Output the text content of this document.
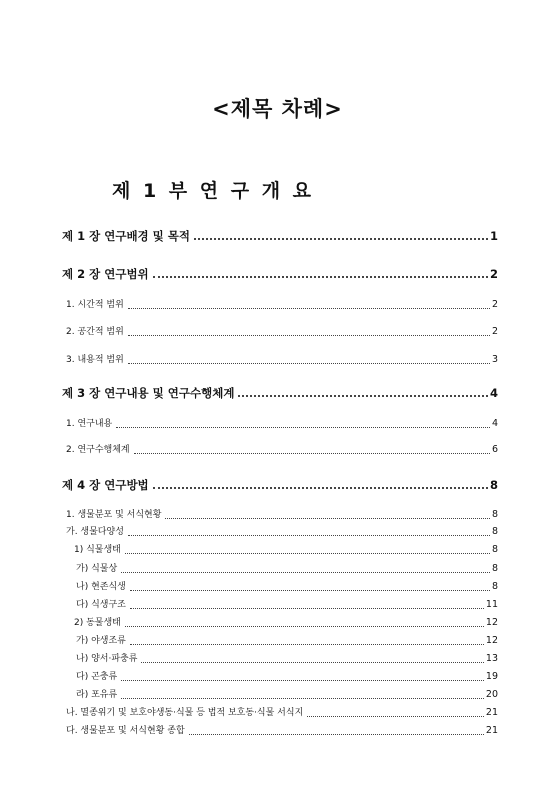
<제목 차례>
제 1 부 연 구 개 요
제 1 장 연구배경 및 목적	1
제 2 장 연구범위	2
1. 시간적 범위	2
2. 공간적 범위	2
3. 내용적 범위	3
제 3 장 연구내용 및 연구수행체계	4
1. 연구내용	4
2. 연구수행체계	6
제 4 장 연구방법	8
1. 생물분포 및 서식현황	8
가. 생물다양성	8
1) 식물생태	8
가) 식물상	8
나) 현존식생	8
다) 식생구조	11
2) 동물생태	12
가) 야생조류	12
나) 양서·파충류	13
다) 곤충류	19
라) 포유류	20
나. 멸종위기 및 보호야생동·식물 등 법적 보호동·식물 서식지	21
다. 생물분포 및 서식현황 종합	21
